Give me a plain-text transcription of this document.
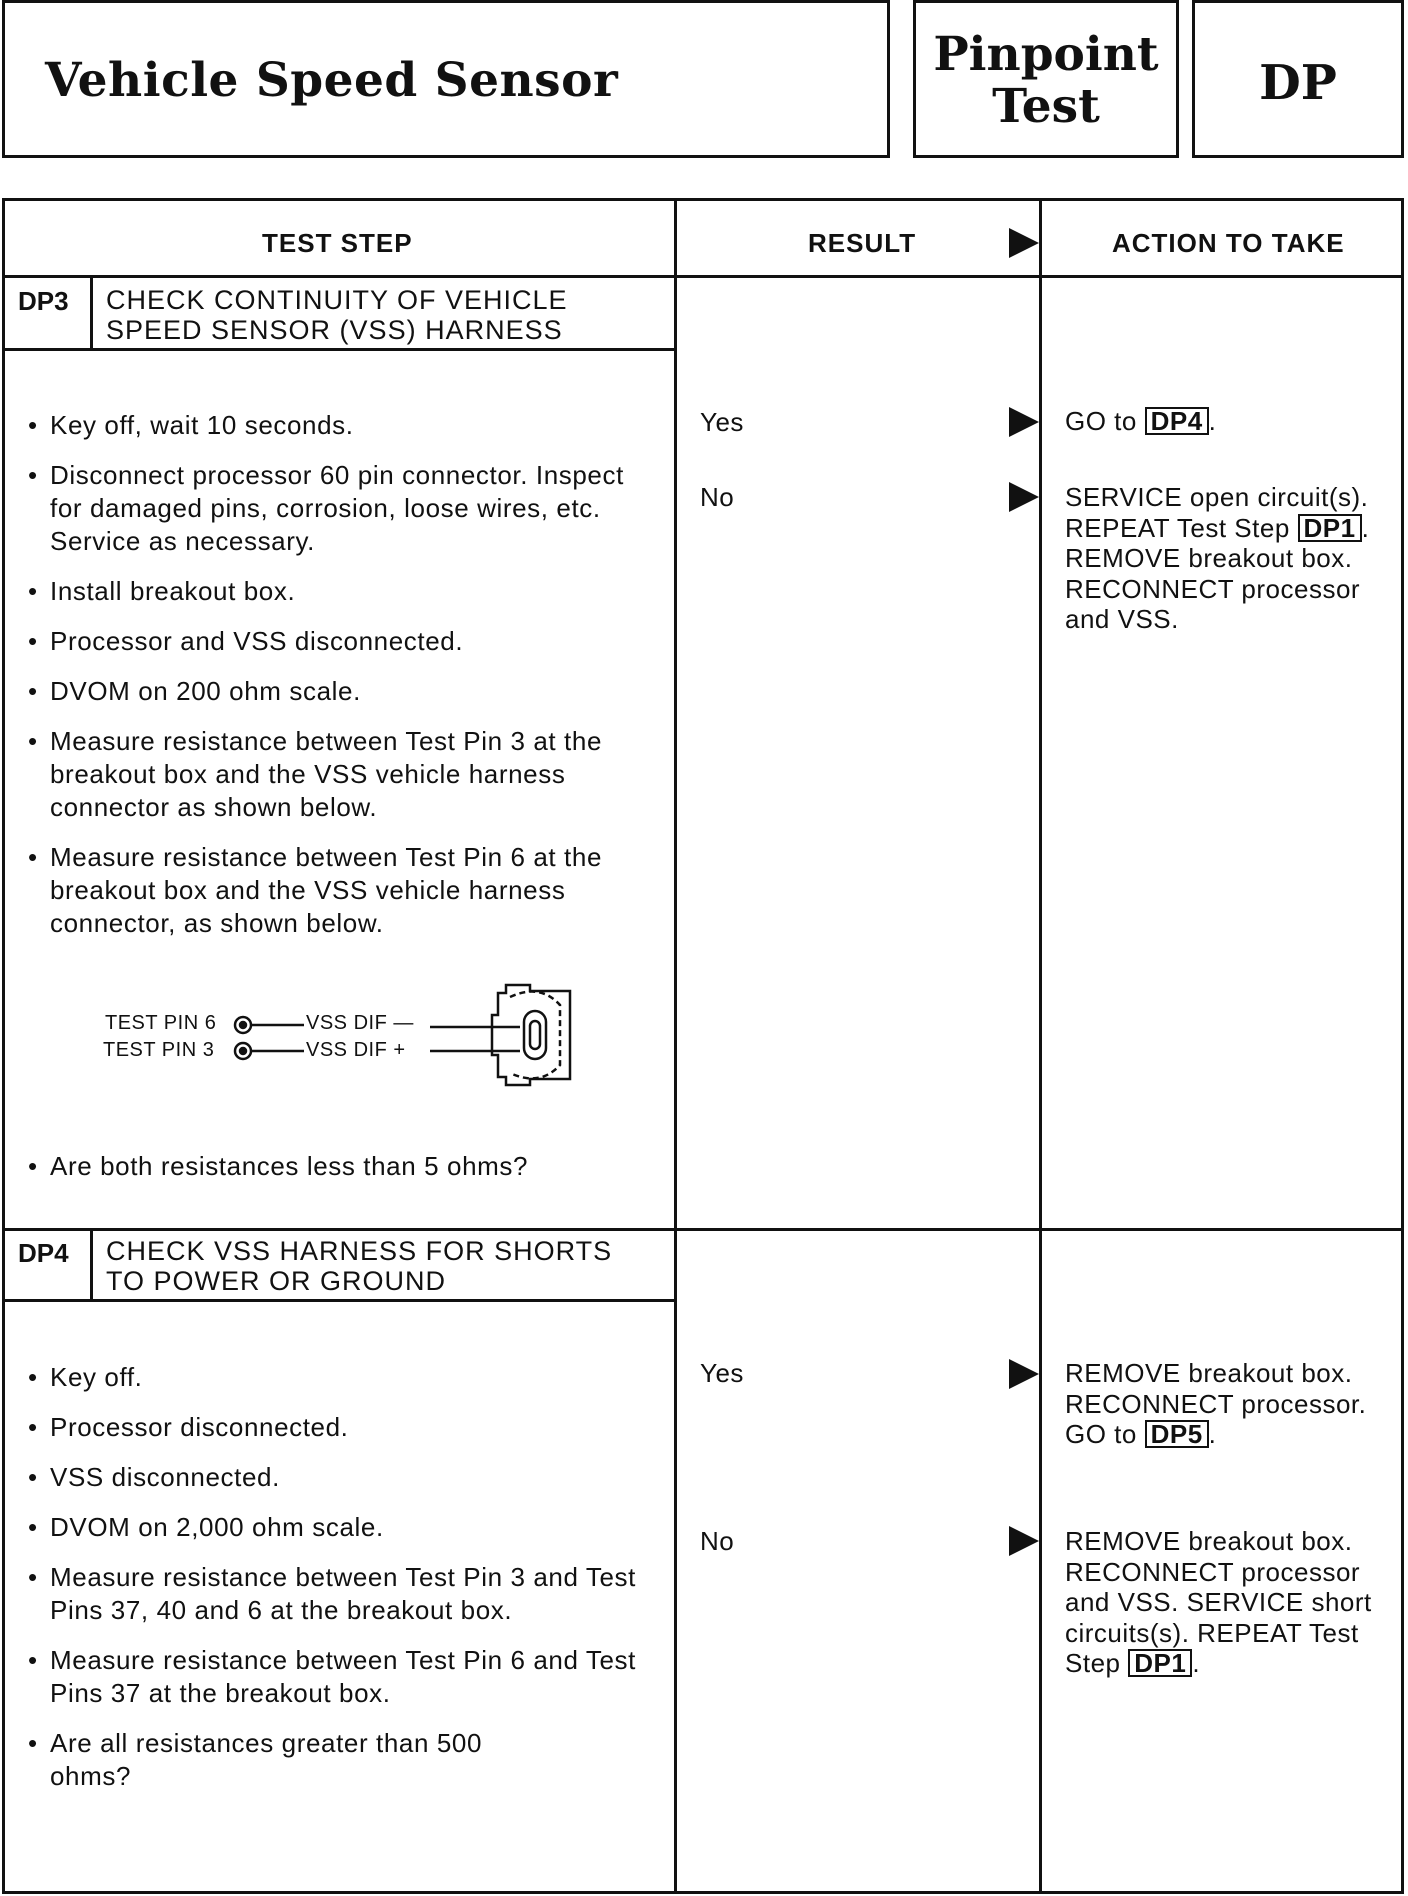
Vehicle Speed Sensor	Pinpoint
Test	DP
TEST STEP	RESULT	ACTION TO TAKE
DP3 CHECK CONTINUITY OF VEHICLE
SPEED SENSOR (VSS) HARNESS
• Key off, wait 10 seconds.
• Disconnect processor 60 pin connector. Inspect for damaged pins, corrosion, loose wires, etc. Service as necessary.
• Install breakout box.
• Processor and VSS disconnected.
• DVOM on 200 ohm scale.
• Measure resistance between Test Pin 3 at the breakout box and the VSS vehicle harness connector as shown below.
• Measure resistance between Test Pin 6 at the breakout box and the VSS vehicle harness connector, as shown below.
TEST PIN 6
TEST PIN 3
VSS DIF —
VSS DIF +
• Are both resistances less than 5 ohms?
Yes	GO to DP4 .
No	SERVICE open circuit(s). REPEAT Test Step DP1 . REMOVE breakout box. RECONNECT processor and VSS.
DP4 CHECK VSS HARNESS FOR SHORTS
TO POWER OR GROUND
• Key off.
• Processor disconnected.
• VSS disconnected.
• DVOM on 2,000 ohm scale.
• Measure resistance between Test Pin 3 and Test Pins 37, 40 and 6 at the breakout box.
• Measure resistance between Test Pin 6 and Test Pins 37 at the breakout box.
• Are all resistances greater than 500 ohms?
Yes	REMOVE breakout box. RECONNECT processor. GO to DP5 .
No	REMOVE breakout box. RECONNECT processor and VSS. SERVICE short circuits(s). REPEAT Test Step DP1 .
